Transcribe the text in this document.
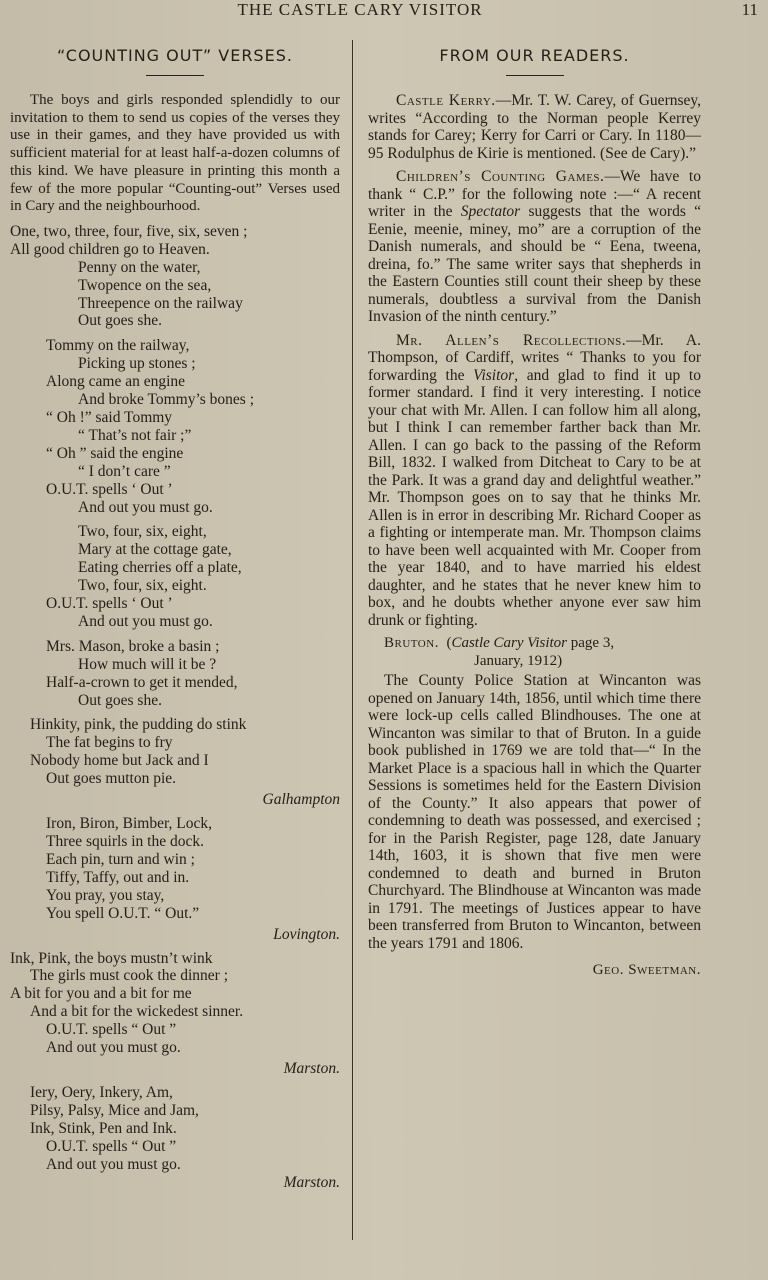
THE CASTLE CARY VISITOR	11
“COUNTING OUT” VERSES.

The boys and girls responded splendidly to our invitation to them to send us copies of the verses they use in their games, and they have provided us with sufficient material for at least half-a-dozen columns of this kind. We have pleasure in printing this month a few of the more popular “Counting-out” Verses used in Cary and the neighbourhood.

One, two, three, four, five, six, seven ;
All good children go to Heaven.
Penny on the water,
Twopence on the sea,
Threepence on the railway
Out goes she.
Tommy on the railway,
Picking up stones ;
Along came an engine
And broke Tommy’s bones ;
“ Oh !” said Tommy
“ That’s not fair ;”
“ Oh ” said the engine
“ I don’t care ”
O.U.T. spells ‘ Out ’
And out you must go.
Two, four, six, eight,
Mary at the cottage gate,
Eating cherries off a plate,
Two, four, six, eight.
O.U.T. spells ‘ Out ’
And out you must go.
Mrs. Mason, broke a basin ;
How much will it be ?
Half-a-crown to get it mended,
Out goes she.
Hinkity, pink, the pudding do stink
The fat begins to fry
Nobody home but Jack and I
Out goes mutton pie.
Galhampton
Iron, Biron, Bimber, Lock,
Three squirls in the dock.
Each pin, turn and win ;
Tiffy, Taffy, out and in.
You pray, you stay,
You spell O.U.T. “ Out.”
Lovington.
Ink, Pink, the boys mustn’t wink
The girls must cook the dinner ;
A bit for you and a bit for me
And a bit for the wickedest sinner.
O.U.T. spells “ Out ”
And out you must go.
Marston.
Iery, Oery, Inkery, Am,
Pilsy, Palsy, Mice and Jam,
Ink, Stink, Pen and Ink.
O.U.T. spells “ Out ”
And out you must go.
Marston.
FROM OUR READERS.

Castle Kerry.—Mr. T. W. Carey, of Guernsey, writes “According to the Norman people Kerrey stands for Carey; Kerry for Carri or Cary. In 1180—95 Rodulphus de Kirie is mentioned. (See de Cary).”

Children’s Counting Games.—We have to thank “ C.P.” for the following note :—“ A recent writer in the Spectator suggests that the words “ Eenie, meenie, miney, mo” are a corruption of the Danish numerals, and should be “ Eena, tweena, dreina, fo.” The same writer says that shepherds in the Eastern Counties still count their sheep by these numerals, doubtless a survival from the Danish Invasion of the ninth century.”

Mr. Allen’s Recollections.—Mr. A. Thompson, of Cardiff, writes “ Thanks to you for forwarding the Visitor, and glad to find it up to former standard. I find it very interesting. I notice your chat with Mr. Allen. I can follow him all along, but I think I can remember farther back than Mr. Allen. I can go back to the passing of the Reform Bill, 1832. I walked from Ditcheat to Cary to be at the Park. It was a grand day and delightful weather.” Mr. Thompson goes on to say that he thinks Mr. Allen is in error in describing Mr. Richard Cooper as a fighting or intemperate man. Mr. Thompson claims to have been well acquainted with Mr. Cooper from the year 1840, and to have married his eldest daughter, and he states that he never knew him to box, and he doubts whether anyone ever saw him drunk or fighting.

Bruton. (Castle Cary Visitor page 3,
January, 1912)

The County Police Station at Wincanton was opened on January 14th, 1856, until which time there were lock-up cells called Blindhouses. The one at Wincanton was similar to that of Bruton. In a guide book published in 1769 we are told that—“ In the Market Place is a spacious hall in which the Quarter Sessions is sometimes held for the Eastern Division of the County.” It also appears that power of condemning to death was possessed, and exercised ; for in the Parish Register, page 128, date January 14th, 1603, it is shown that five men were condemned to death and burned in Bruton Churchyard. The Blindhouse at Wincanton was made in 1791. The meetings of Justices appear to have been transferred from Bruton to Wincanton, between the years 1791 and 1806.

Geo. Sweetman.
